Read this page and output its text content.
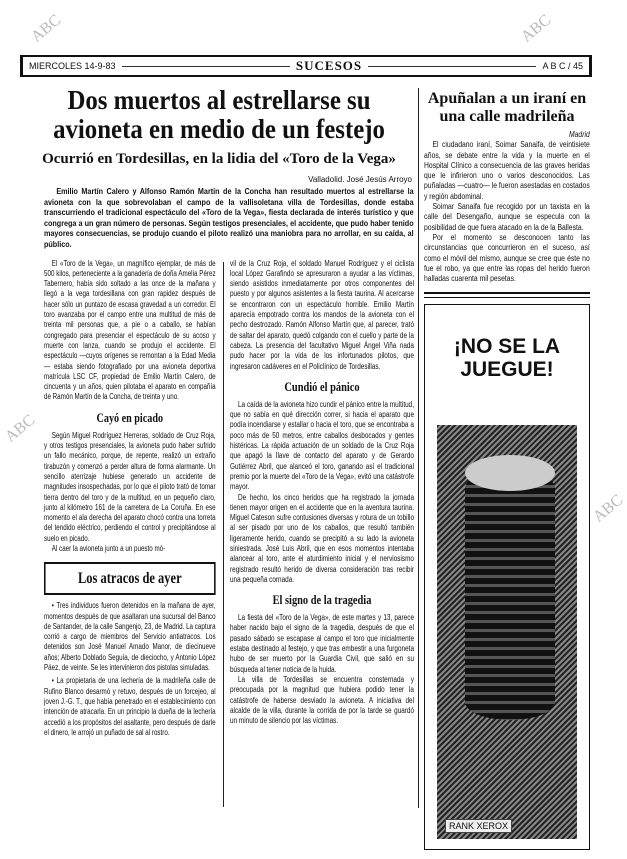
MIERCOLES 14-9-83	SUCESOS	A B C / 45
Dos muertos al estrellarse su avioneta en medio de un festejo
Ocurrió en Tordesillas, en la lidia del «Toro de la Vega»
Valladolid. José Jesús Arroyo
Emilio Martín Calero y Alfonso Ramón Martín de la Concha han resultado muertos al estrellarse la avioneta con la que sobrevolaban el campo de la vallisoletana villa de Tordesillas, donde estaba transcurriendo el tradicional espectáculo del «Toro de la Vega», fiesta declarada de interés turístico y que congrega a un gran número de personas. Según testigos presenciales, el accidente, que pudo haber tenido mayores consecuencias, se produjo cuando el piloto realizó una maniobra para no arrollar, en su caída, al público.

El «Toro de la Vega», un magnífico ejemplar, de más de 500 kilos, perteneciente a la ganadería de doña Amelia Pérez Tabernero, había sido soltado a las once de la mañana y llegó a la vega tordesillana con gran rapidez después de hacer sólo un puntazo de escasa gravedad a un corredor. El toro avanzaba por el campo entre una multitud de más de treinta mil personas que, a pie o a caballo, se habían congregado para presenciar el espectáculo de su acoso y muerte con lanza, cuando se produjo el accidente. El espectáculo —cuyos orígenes se remontan a la Edad Media— estaba siendo fotografiado por una avioneta deportiva matrícula LSC CF, propiedad de Emilio Martín Calero, de cincuenta y un años, quien pilotaba el aparato en compañía de Ramón Martín de la Concha, de treinta y uno.

Cayó en picado

Según Miguel Rodríguez Herreras, soldado de Cruz Roja, y otros testigos presenciales, la avioneta pudo haber sufrido un fallo mecánico, porque, de repente, realizó un extraño tirabuzón y comenzó a perder altura de forma alarmante. Un sencillo aterrizaje hubiese generado un accidente de magnitudes insospechadas, por lo que el piloto trató de tomar tierra dentro del toro y de la multitud, en un pequeño claro, junto al kilómetro 161 de la carretera de La Coruña. En ese momento el ala derecha del aparato chocó contra una torreta del tendido eléctrico, perdiendo el control y precipitándose al suelo en picado.

Al caer la avioneta junto a un puesto mó-

Los atracos de ayer

• Tres individuos fueron detenidos en la mañana de ayer, momentos después de que asaltaran una sucursal del Banco de Santander, de la calle Sangenjo, 23, de Madrid. La captura corrió a cargo de miembros del Servicio antiatracos. Los detenidos son José Manuel Amado Manor, de diecinueve años; Alberto Doblado Seguía, de dieciocho, y Antonio López Páez, de veinte. Se les intervinieron dos pistolas simuladas.

• La propietaria de una lechería de la madrileña calle de Rufino Blanco desarmó y retuvo, después de un forcejeo, al joven J.-G. T., que había penetrado en el establecimiento con intención de atracarla. En un principio la dueña de la lechería accedió a los propósitos del asaltante, pero después de darle el dinero, le arrojó un puñado de sal al rostro.

vil de la Cruz Roja, el soldado Manuel Rodríguez y el ciclista local López Garafindo se apresuraron a ayudar a las víctimas, siendo asistidos inmediatamente por otros componentes del puesto y por algunos asistentes a la fiesta taurina. Al acercarse se encontraron con un espectáculo horrible. Emilio Martín aparecía empotrado contra los mandos de la avioneta con el pecho destrozado. Ramón Alfonso Martín que, al parecer, trató de saltar del aparato, quedó colgando con el cuello y parte de la cabeza. La presencia del facultativo Miguel Ángel Viña nada pudo hacer por la vida de los infortunados pilotos, que ingresaron cadáveres en el Policlínico de Tordesillas.

Cundió el pánico

La caída de la avioneta hizo cundir el pánico entre la multitud, que no sabía en qué dirección correr, si hacia el aparato que podía incendiarse y estallar o hacia el toro, que se encontraba a poco más de 50 metros, entre caballos desbocados y gentes histéricas. La rápida actuación de un soldado de la Cruz Roja que apagó la llave de contacto del aparato y de Gerardo Gutiérrez Abril, que alanceó el toro, ganando así el tradicional premio por la muerte del «Toro de la Vega», evitó una catástrofe mayor.

De hecho, los cinco heridos que ha registrado la jornada tienen mayor origen en el accidente que en la aventura taurina. Miguel Cateson sufre contusiones diversas y rotura de un tobillo al ser pisado por uno de los caballos, que resultó también ligeramente herido, cuando se precipitó a su lado la avioneta siniestrada. José Luis Abril, que en esos momentos intentaba alancear al toro, ante el aturdimiento inicial y el nerviosismo registrado resultó herido de diversa consideración tras recibir una pequeña cornada.

El signo de la tragedia

La fiesta del «Toro de la Vega», de este martes y 13, parece haber nacido bajo el signo de la tragedia, después de que el pasado sábado se escapase al campo el toro que inicialmente estaba destinado al festejo, y que tras embestir a una furgoneta hubo de ser muerto por la Guardia Civil, que salió en su búsqueda al tener noticia de la huida.

La villa de Tordesillas se encuentra consternada y preocupada por la magnitud que hubiera podido tener la catástrofe de haberse desviado la avioneta. A iniciativa del alcalde de la villa, durante la corrida de por la tarde se guardó un minuto de silencio por las víctimas.

Apuñalan a un iraní en una calle madrileña
Madrid

El ciudadano iraní, Soimar Sanaifa, de veintisiete años, se debate entre la vida y la muerte en el Hospital Clínico a consecuencia de las graves heridas que le infirieron uno o varios desconocidos. Las puñaladas —cuatro— le fueron asestadas en costados y región abdominal.

Soimar Sanaifa fue recogido por un taxista en la calle del Desengaño, aunque se especula con la posibilidad de que fuera atacado en la de la Ballesta.

Por el momento se desconocen tanto las circunstancias que concurrieron en el suceso, así como el móvil del mismo, aunque se cree que éste no fue el robo, ya que entre las ropas del herido fueron halladas cuarenta mil pesetas.

¡NO SE LA JUEGUE!
RANK XEROX
ABC	ABC
ABC
ABC
